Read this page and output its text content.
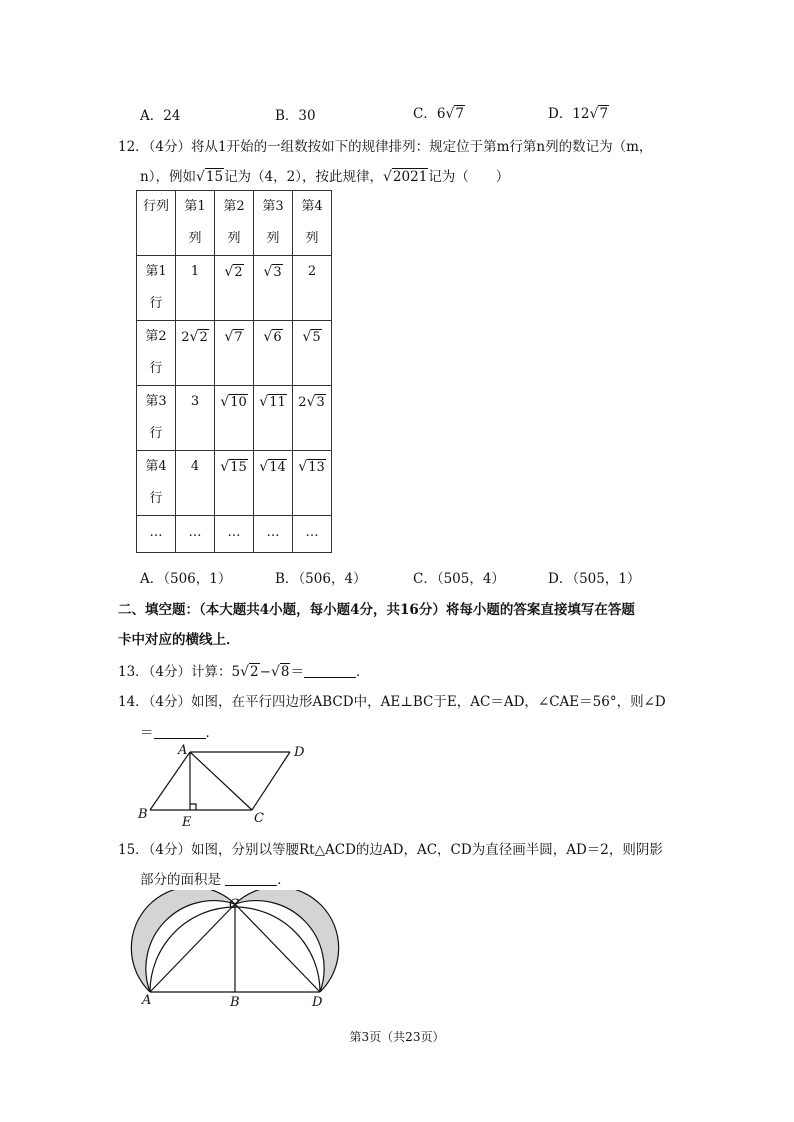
A．24	B．30	C．6√7	D．12√7
12．（4分）将从1开始的一组数按如下的规律排列：规定位于第m行第n列的数记为（m，
n），例如√15记为（4，2），按此规律，√2021记为（　　）
行列	第1列	第2列	第3列	第4列
第1行	1	√2	√3	2
第2行	2√2	√7	√6	√5
第3行	3	√10	√11	2√3
第4行	4	√15	√14	√13
…	…	…	…	…
A．（506，1）	B．（506，4）	C．（505，4）	D．（505，1）
二、填空题：（本大题共4小题，每小题4分，共16分）将每小题的答案直接填写在答题
卡中对应的横线上．
13．（4分）计算：5√2−√8＝	．
14．（4分）如图，在平行四边形ABCD中，AE⊥BC于E，AC＝AD，∠CAE＝56°，则∠D
＝	．
A	D
B
E	C
15．（4分）如图，分别以等腰Rt△ACD的边AD，AC，CD为直径画半圆，AD＝2，则阴影
部分的面积是	．
C
A	B	D
第3页（共23页）
